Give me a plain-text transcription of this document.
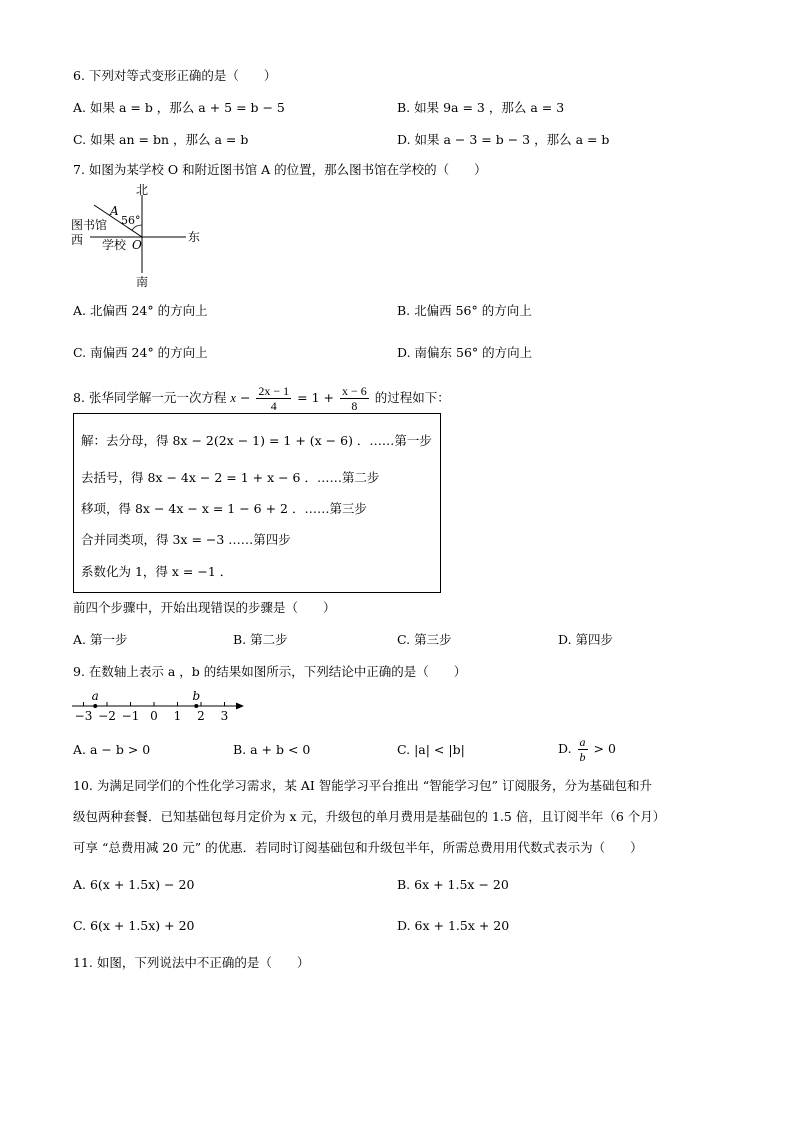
6. 下列对等式变形正确的是（　　）
A. 如果 a = b ，那么 a + 5 = b − 5	B. 如果 9a = 3 ，那么 a = 3
C. 如果 an = bn ，那么 a = b	D. 如果 a − 3 = b − 3 ，那么 a = b
7. 如图为某学校 O 和附近图书馆 A 的位置，那么图书馆在学校的（　　）
北
南
东
西
A
图书馆 56°
学校 O
A. 北偏西 24° 的方向上	B. 北偏西 56° 的方向上
C. 南偏西 24° 的方向上	D. 南偏东 56° 的方向上
8. 张华同学解一元一次方程 $x - \frac{2x - 1}{4} = 1 + \frac{x - 6}{8}$ 的过程如下：
解：去分母，得 8x − 2(2x − 1) = 1 + (x − 6) ．……第一步
去括号，得 8x − 4x − 2 = 1 + x − 6 ．……第二步
移项，得 8x − 4x − x = 1 − 6 + 2 ．……第三步
合并同类项，得 3x = −3 ……第四步
系数化为 1，得 x = −1 ．
前四个步骤中，开始出现错误的步骤是（　　）
A. 第一步	B. 第二步	C. 第三步	D. 第四步
9. 在数轴上表示 a ，b 的结果如图所示，下列结论中正确的是（　　）
−3 −2 −1 0 1 2 3
a	b
A. a − b > 0	B. a + b < 0	C. |a| < |b|	D. $\frac{a}{b} > 0$
10. 为满足同学们的个性化学习需求，某 AI 智能学习平台推出 “智能学习包” 订阅服务，分为基础包和升
级包两种套餐．已知基础包每月定价为 x 元，升级包的单月费用是基础包的 1.5 倍，且订阅半年（6 个月）
可享 “总费用减 20 元” 的优惠．若同时订阅基础包和升级包半年，所需总费用用代数式表示为（　　）
A. 6(x + 1.5x) − 20	B. 6x + 1.5x − 20
C. 6(x + 1.5x) + 20	D. 6x + 1.5x + 20
11. 如图，下列说法中不正确的是（　　）
